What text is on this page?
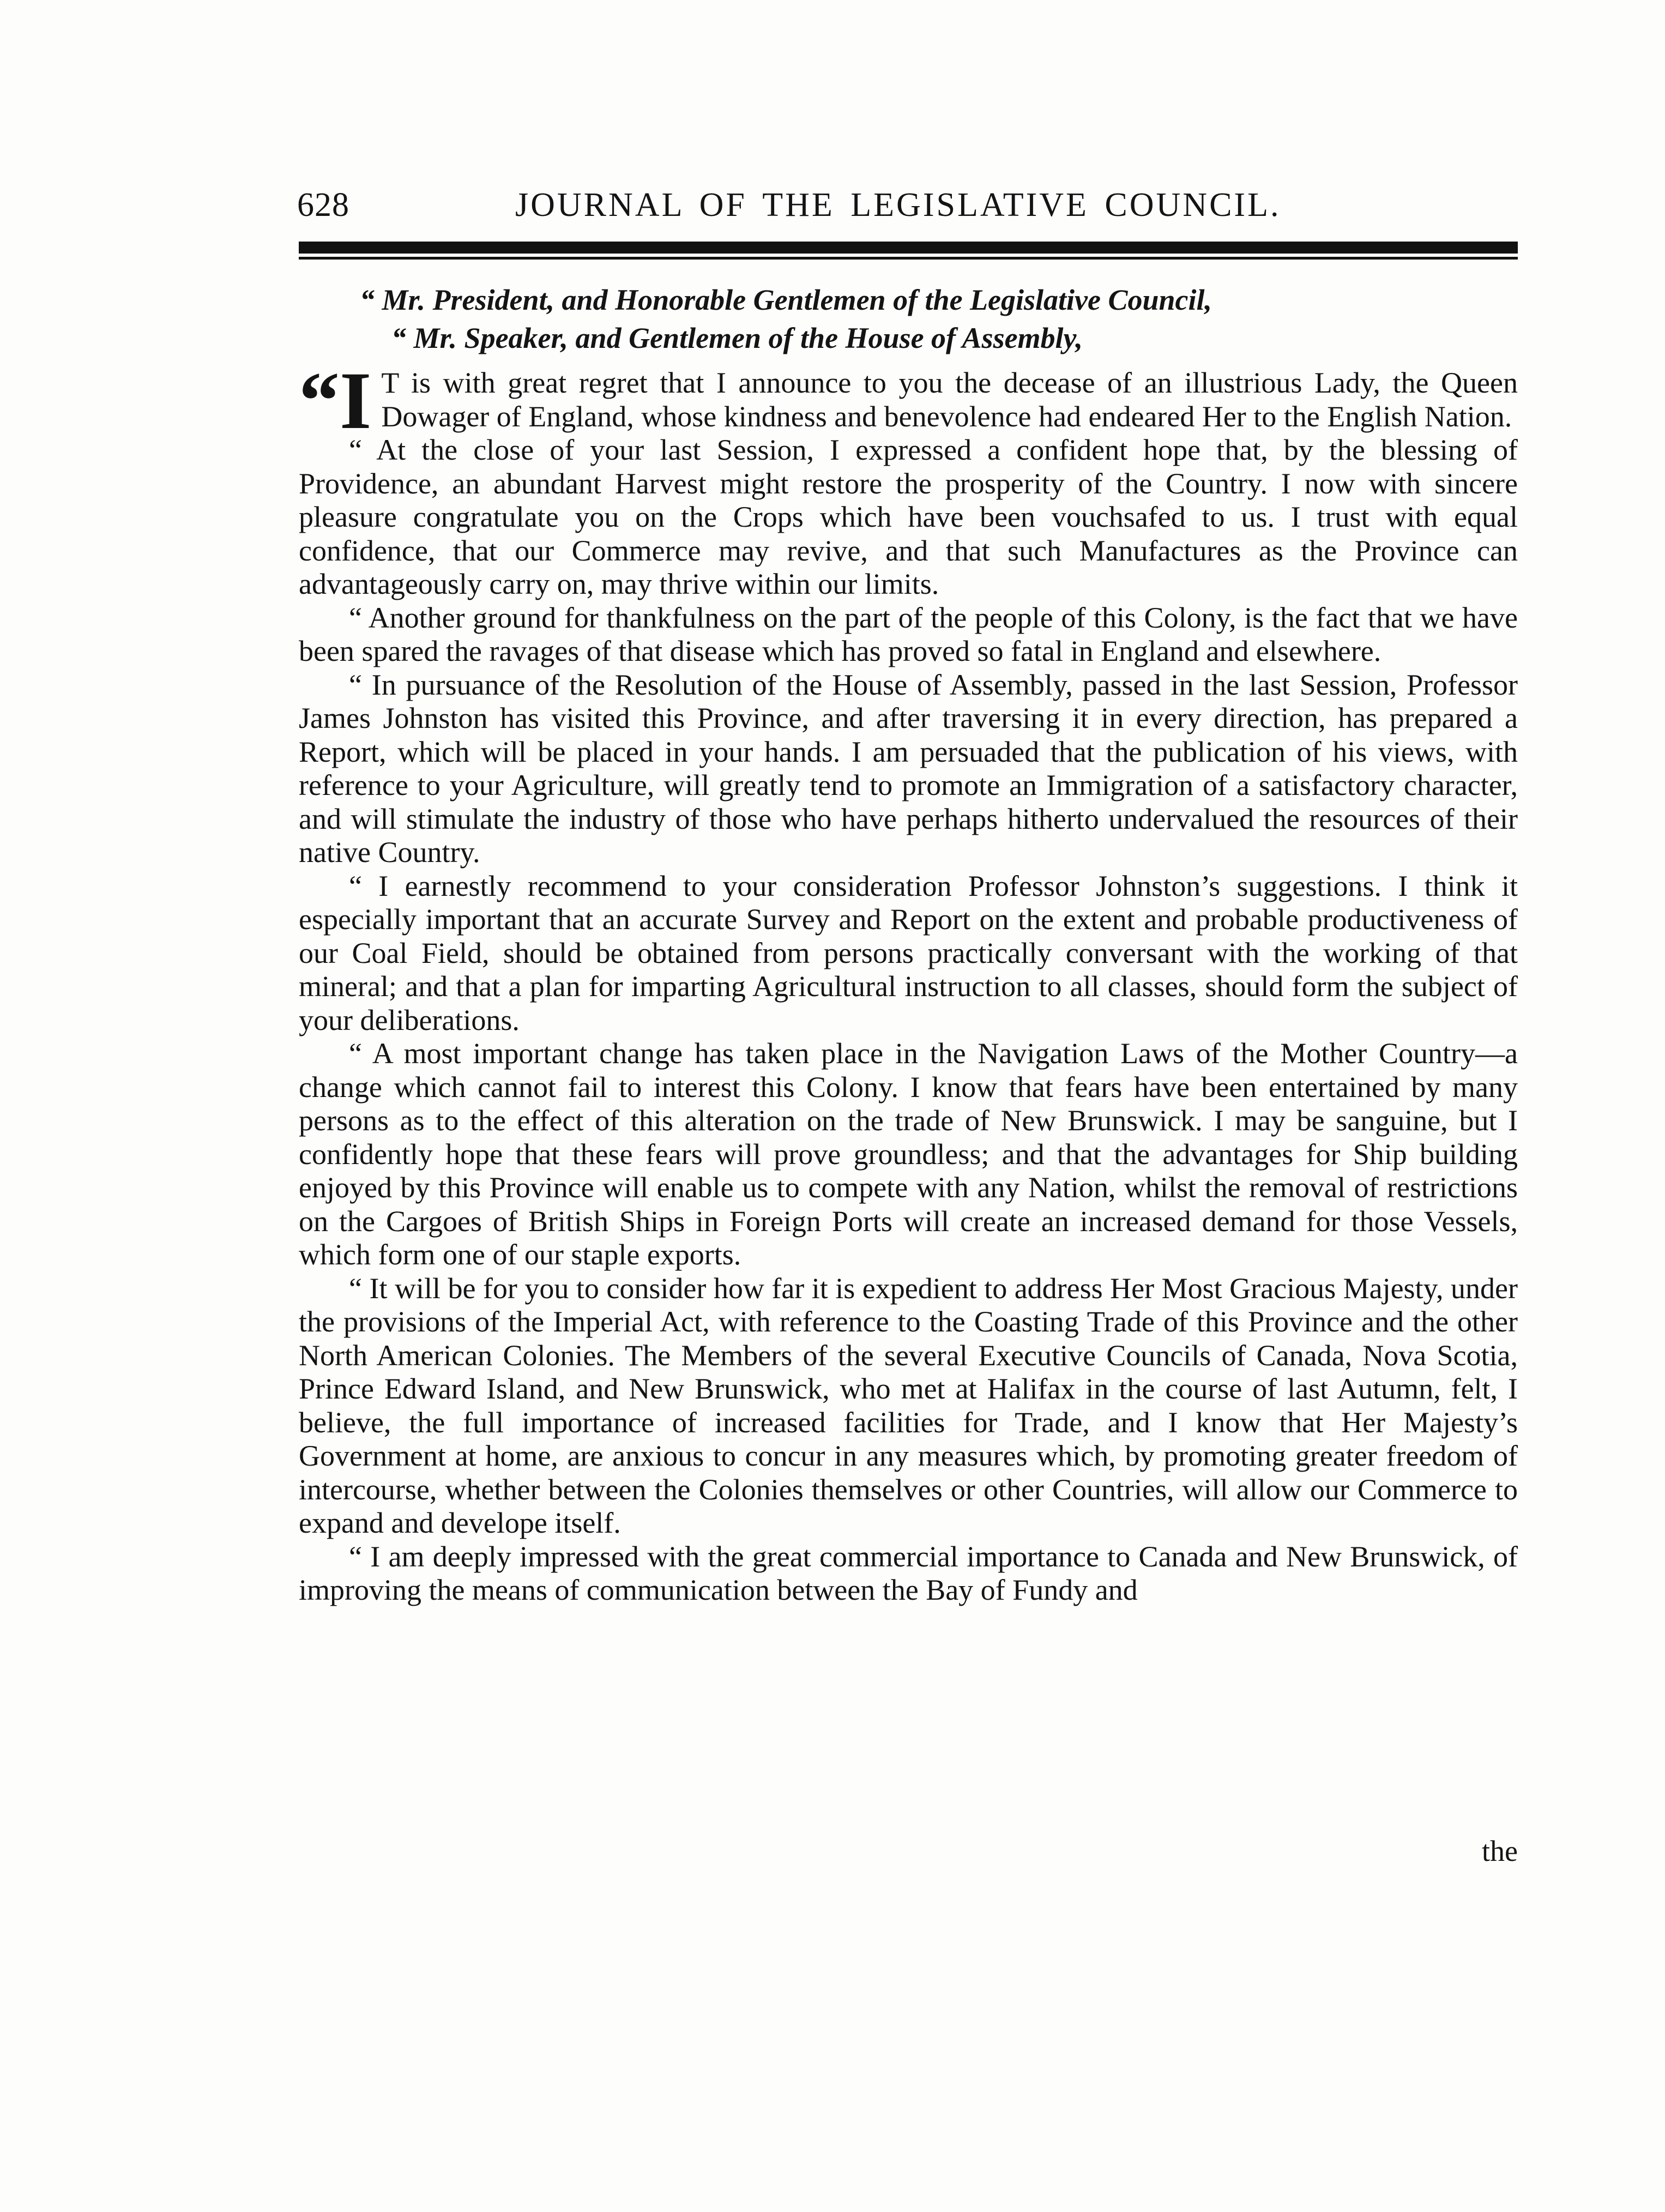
628	JOURNAL OF THE LEGISLATIVE COUNCIL.
“ Mr. President, and Honorable Gentlemen of the Legislative Council,
“ Mr. Speaker, and Gentlemen of the House of Assembly,

“I T is with great regret that I announce to you the decease of an illustrious Lady, the Queen Dowager of England, whose kindness and benevolence had endeared Her to the English Nation.

“ At the close of your last Session, I expressed a confident hope that, by the blessing of Providence, an abundant Harvest might restore the prosperity of the Country. I now with sincere pleasure congratulate you on the Crops which have been vouchsafed to us. I trust with equal confidence, that our Commerce may revive, and that such Manufactures as the Province can advantageously carry on, may thrive within our limits.

“ Another ground for thankfulness on the part of the people of this Colony, is the fact that we have been spared the ravages of that disease which has proved so fatal in England and elsewhere.

“ In pursuance of the Resolution of the House of Assembly, passed in the last Session, Professor James Johnston has visited this Province, and after traversing it in every direction, has prepared a Report, which will be placed in your hands. I am persuaded that the publication of his views, with reference to your Agriculture, will greatly tend to promote an Immigration of a satisfactory character, and will stimulate the industry of those who have perhaps hitherto undervalued the resources of their native Country.

“ I earnestly recommend to your consideration Professor Johnston’s suggestions. I think it especially important that an accurate Survey and Report on the extent and probable productiveness of our Coal Field, should be obtained from persons practically conversant with the working of that mineral; and that a plan for imparting Agricultural instruction to all classes, should form the subject of your deliberations.

“ A most important change has taken place in the Navigation Laws of the Mother Country—a change which cannot fail to interest this Colony. I know that fears have been entertained by many persons as to the effect of this alteration on the trade of New Brunswick. I may be sanguine, but I confidently hope that these fears will prove groundless; and that the advantages for Ship building enjoyed by this Province will enable us to compete with any Nation, whilst the removal of restrictions on the Cargoes of British Ships in Foreign Ports will create an increased demand for those Vessels, which form one of our staple exports.

“ It will be for you to consider how far it is expedient to address Her Most Gracious Majesty, under the provisions of the Imperial Act, with reference to the Coasting Trade of this Province and the other North American Colonies. The Members of the several Executive Councils of Canada, Nova Scotia, Prince Edward Island, and New Brunswick, who met at Halifax in the course of last Autumn, felt, I believe, the full importance of increased facilities for Trade, and I know that Her Majesty’s Government at home, are anxious to concur in any measures which, by promoting greater freedom of intercourse, whether between the Colonies themselves or other Countries, will allow our Commerce to expand and develope itself.

“ I am deeply impressed with the great commercial importance to Canada and New Brunswick, of improving the means of communication between the Bay of Fundy and

the
